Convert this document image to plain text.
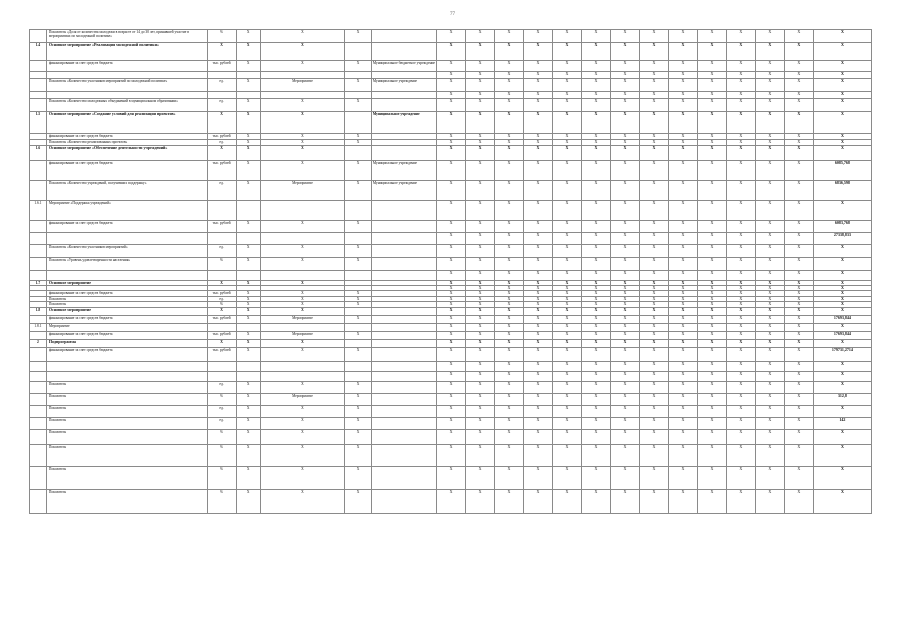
77
	Показатель «Доля от количества молодежи в возрасте от 14 до 30 лет, принявшей участие в мероприятиях по молодежной политике»	%	Х	Х	Х		Х	Х	Х	Х	Х	Х	Х	Х	Х	Х	Х	Х	Х	Х
1.4	Основное мероприятие «Реализация молодежной политики»	Х	Х	Х			Х	Х	Х	Х	Х	Х	Х	Х	Х	Х	Х	Х	Х	Х
	финансирование за счет средств бюджета	тыс. рублей	Х	Х	Х	Муниципальное бюджетное учреждение	Х	Х	Х	Х	Х	Х	Х	Х	Х	Х	Х	Х	Х	Х
							Х	Х	Х	Х	Х	Х	Х	Х	Х	Х	Х	Х	Х	Х
	Показатель «Количество участников мероприятий по молодежной политике»	ед.	Х	Мероприятие	Х	Муниципальное учреждение	Х	Х	Х	Х	Х	Х	Х	Х	Х	Х	Х	Х	Х	Х
							Х	Х	Х	Х	Х	Х	Х	Х	Х	Х	Х	Х	Х	Х
	Показатель «Количество молодежных объединений в муниципальном образовании»	ед.	Х	Х	Х		Х	Х	Х	Х	Х	Х	Х	Х	Х	Х	Х	Х	Х	Х
1.5	Основное мероприятие «Создание условий для реализации проектов»	Х	Х	Х		Муниципальное учреждение	Х	Х	Х	Х	Х	Х	Х	Х	Х	Х	Х	Х	Х	Х
	финансирование за счет средств бюджета	тыс. рублей	Х	Х	Х		Х	Х	Х	Х	Х	Х	Х	Х	Х	Х	Х	Х	Х	Х
	Показатель «Количество реализованных проектов»	ед.	Х	Х	Х		Х	Х	Х	Х	Х	Х	Х	Х	Х	Х	Х	Х	Х	Х
1.6	Основное мероприятие «Обеспечение деятельности учреждений»	Х	Х	Х			Х	Х	Х	Х	Х	Х	Х	Х	Х	Х	Х	Х	Х	Х
	финансирование за счет средств бюджета	тыс. рублей	Х	Х	Х	Муниципальное учреждение	Х	Х	Х	Х	Х	Х	Х	Х	Х	Х	Х	Х	Х	6085,768
	Показатель «Количество учреждений, получивших поддержку»	ед.	Х	Мероприятие	Х	Муниципальное учреждение	Х	Х	Х	Х	Х	Х	Х	Х	Х	Х	Х	Х	Х	6836,598
1.6.1	Мероприятие «Поддержка учреждений»						Х	Х	Х	Х	Х	Х	Х	Х	Х	Х	Х	Х	Х	Х
	финансирование за счет средств бюджета	тыс. рублей	Х	Х	Х		Х	Х	Х	Х	Х	Х	Х	Х	Х	Х	Х	Х	Х	6083,768
							Х	Х	Х	Х	Х	Х	Х	Х	Х	Х	Х	Х	Х	27338,833
	Показатель «Количество участников мероприятий»	ед.	Х	Х	Х		Х	Х	Х	Х	Х	Х	Х	Х	Х	Х	Х	Х	Х	Х
	Показатель «Уровень удовлетворенности населения»	%	Х	Х	Х		Х	Х	Х	Х	Х	Х	Х	Х	Х	Х	Х	Х	Х	Х
							Х	Х	Х	Х	Х	Х	Х	Х	Х	Х	Х	Х	Х	Х
1.7	Основное мероприятие	Х	Х	Х			Х	Х	Х	Х	Х	Х	Х	Х	Х	Х	Х	Х	Х	Х
							Х	Х	Х	Х	Х	Х	Х	Х	Х	Х	Х	Х	Х	Х
	финансирование за счет средств бюджета	тыс. рублей	Х	Х	Х		Х	Х	Х	Х	Х	Х	Х	Х	Х	Х	Х	Х	Х	Х
	Показатель	ед.	Х	Х	Х		Х	Х	Х	Х	Х	Х	Х	Х	Х	Х	Х	Х	Х	Х
	Показатель	%	Х	Х	Х		Х	Х	Х	Х	Х	Х	Х	Х	Х	Х	Х	Х	Х	Х
1.8	Основное мероприятие	Х	Х	Х			Х	Х	Х	Х	Х	Х	Х	Х	Х	Х	Х	Х	Х	Х
	финансирование за счет средств бюджета	тыс. рублей	Х	Мероприятие	Х		Х	Х	Х	Х	Х	Х	Х	Х	Х	Х	Х	Х	Х	17693,844
1.8.1	Мероприятие						Х	Х	Х	Х	Х	Х	Х	Х	Х	Х	Х	Х	Х	Х
	финансирование за счет средств бюджета	тыс. рублей	Х	Мероприятие	Х		Х	Х	Х	Х	Х	Х	Х	Х	Х	Х	Х	Х	Х	17693,844
2	Подпрограмма	Х	Х	Х			Х	Х	Х	Х	Х	Х	Х	Х	Х	Х	Х	Х	Х	Х
	финансирование за счет средств бюджета	тыс. рублей	Х	Х	Х		Х	Х	Х	Х	Х	Х	Х	Х	Х	Х	Х	Х	Х	179731,2714
							Х	Х	Х	Х	Х	Х	Х	Х	Х	Х	Х	Х	Х	Х
							Х	Х	Х	Х	Х	Х	Х	Х	Х	Х	Х	Х	Х	Х
	Показатель	ед.	Х	Х	Х		Х	Х	Х	Х	Х	Х	Х	Х	Х	Х	Х	Х	Х	Х
	Показатель	%	Х	Мероприятие	Х		Х	Х	Х	Х	Х	Х	Х	Х	Х	Х	Х	Х	Х	312,8
	Показатель	ед.	Х	Х	Х		Х	Х	Х	Х	Х	Х	Х	Х	Х	Х	Х	Х	Х	Х
	Показатель	ед.	Х	Х	Х		Х	Х	Х	Х	Х	Х	Х	Х	Х	Х	Х	Х	Х	142
	Показатель	%	Х	Х	Х		Х	Х	Х	Х	Х	Х	Х	Х	Х	Х	Х	Х	Х	Х
	Показатель	%	Х	Х	Х		Х	Х	Х	Х	Х	Х	Х	Х	Х	Х	Х	Х	Х	Х
	Показатель	%	Х	Х	Х		Х	Х	Х	Х	Х	Х	Х	Х	Х	Х	Х	Х	Х	Х
	Показатель	%	Х	Х	Х		Х	Х	Х	Х	Х	Х	Х	Х	Х	Х	Х	Х	Х	Х
